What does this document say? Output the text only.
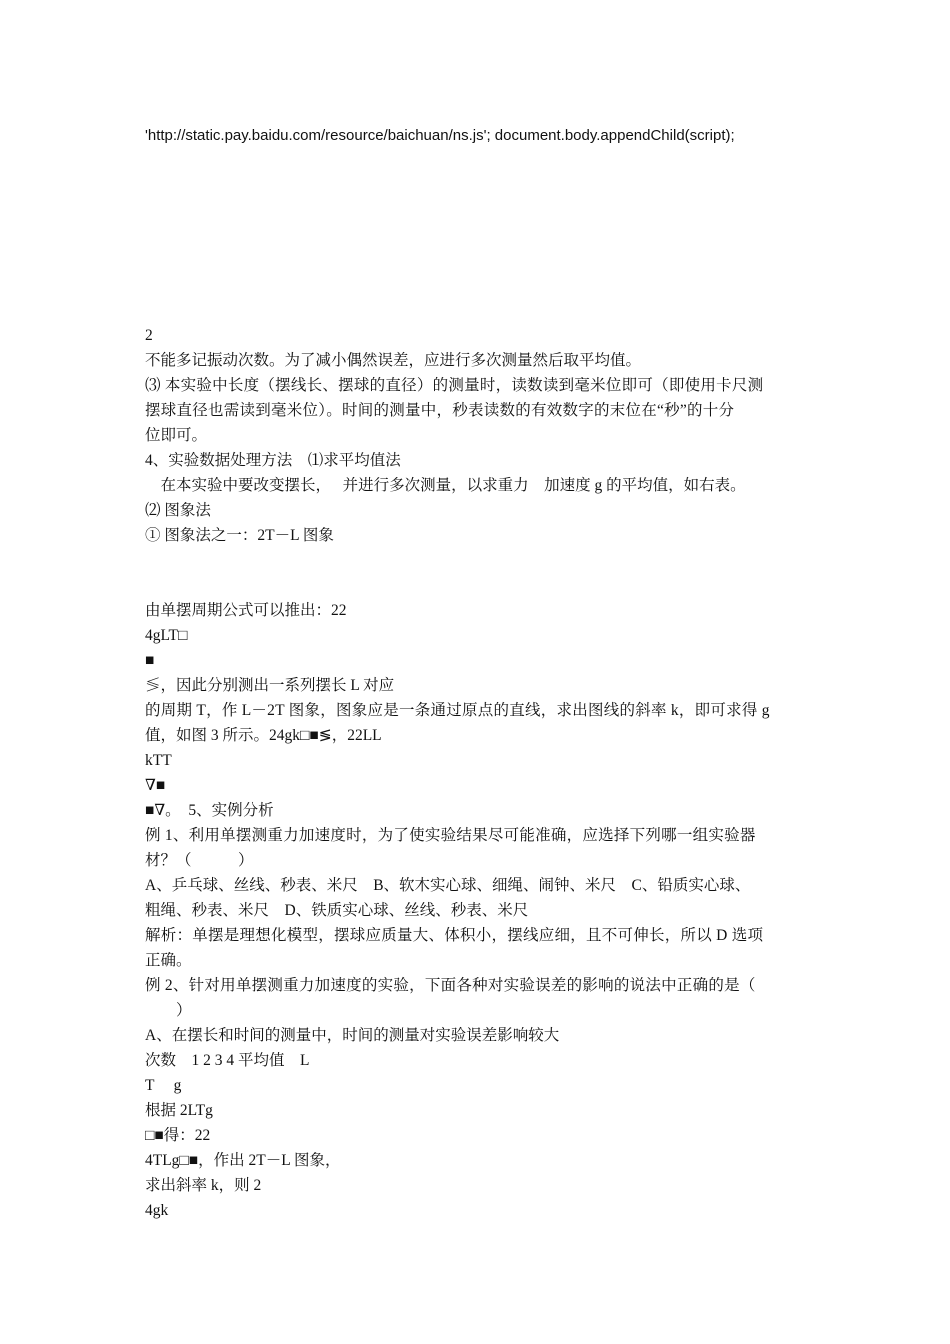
'http://static.pay.baidu.com/resource/baichuan/ns.js'; document.body.appendChild(script);
2
不能多记振动次数。为了减小偶然误差，应进行多次测量然后取平均值。
⑶ 本实验中长度（摆线长、摆球的直径）的测量时，读数读到毫米位即可（即使用卡尺测
摆球直径也需读到毫米位）。时间的测量中，秒表读数的有效数字的末位在“秒”的十分
位即可。
4、实验数据处理方法　⑴求平均值法
　在本实验中要改变摆长，　 并进行多次测量，以求重力　加速度 g 的平均值，如右表。
⑵ 图象法
① 图象法之一：2T－L 图象
由单摆周期公式可以推出：22
4gLT□
■
≶，因此分别测出一系列摆长 L 对应
的周期 T，作 L－2T 图象，图象应是一条通过原点的直线，求出图线的斜率 k，即可求得 g
值，如图 3 所示。24gk□■≶，22LL
kTT
∇■
■∇。　5、实例分析
例 1、利用单摆测重力加速度时，为了使实验结果尽可能准确，应选择下列哪一组实验器
材？（　　　）
A、乒乓球、丝线、秒表、米尺　B、软木实心球、细绳、闹钟、米尺　C、铅质实心球、
粗绳、秒表、米尺　D、铁质实心球、丝线、秒表、米尺
解析：单摆是理想化模型，摆球应质量大、体积小，摆线应细，且不可伸长，所以 D 选项
正确。
例 2、针对用单摆测重力加速度的实验，下面各种对实验误差的影响的说法中正确的是（
　　）
A、在摆长和时间的测量中，时间的测量对实验误差影响较大
次数　1 2 3 4 平均值　L
T　 g
根据 2LTg
□■得：22
4TLg□■，作出 2T－L 图象，
求出斜率 k，则 2
4gk
